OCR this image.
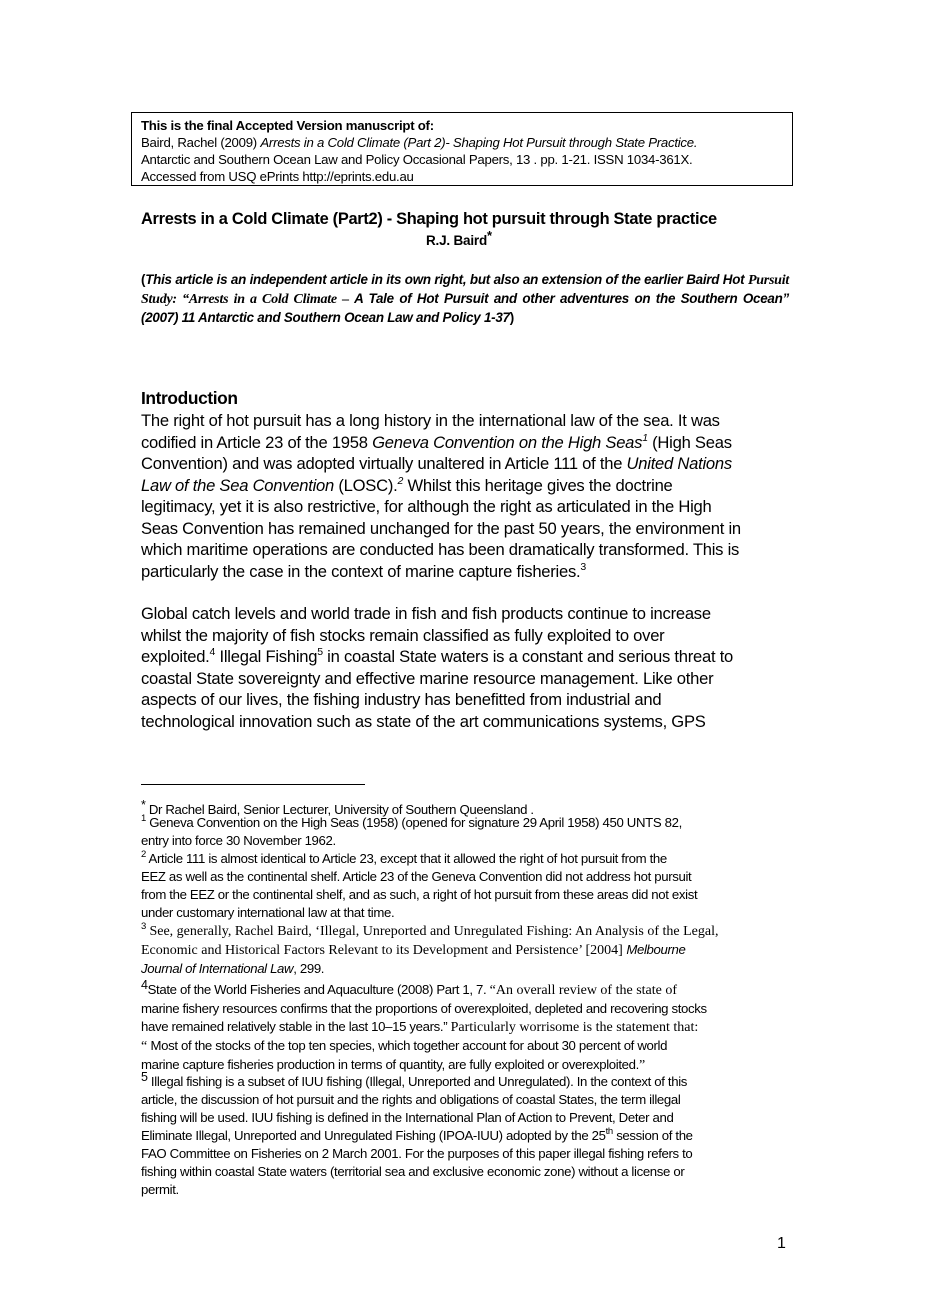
This is the final Accepted Version manuscript of:
Baird, Rachel (2009) Arrests in a Cold Climate (Part 2)- Shaping Hot Pursuit through State Practice.
Antarctic and Southern Ocean Law and Policy Occasional Papers, 13 . pp. 1-21. ISSN 1034-361X.
Accessed from USQ ePrints http://eprints.edu.au
Arrests in a Cold Climate (Part2) - Shaping hot pursuit through State practice
R.J. Baird*
(This article is an independent article in its own right, but also an extension of the earlier Baird Hot Pursuit Study: “Arrests in a Cold Climate – A Tale of Hot Pursuit and other adventures on the Southern Ocean” (2007) 11 Antarctic and Southern Ocean Law and Policy 1-37)
Introduction
The right of hot pursuit has a long history in the international law of the sea. It was
codified in Article 23 of the 1958 Geneva Convention on the High Seas$^1$ (High Seas
Convention) and was adopted virtually unaltered in Article 111 of the United Nations
Law of the Sea Convention (LOSC).$^2$ Whilst this heritage gives the doctrine
legitimacy, yet it is also restrictive, for although the right as articulated in the High
Seas Convention has remained unchanged for the past 50 years, the environment in
which maritime operations are conducted has been dramatically transformed. This is
particularly the case in the context of marine capture fisheries.$^3$
Global catch levels and world trade in fish and fish products continue to increase
whilst the majority of fish stocks remain classified as fully exploited to over
exploited.$^4$ Illegal Fishing$^5$ in coastal State waters is a constant and serious threat to
coastal State sovereignty and effective marine resource management. Like other
aspects of our lives, the fishing industry has benefitted from industrial and
technological innovation such as state of the art communications systems, GPS
* Dr Rachel Baird, Senior Lecturer, University of Southern Queensland .
$^1$ Geneva Convention on the High Seas (1958) (opened for signature 29 April 1958) 450 UNTS 82,
entry into force 30 November 1962.
$^2$ Article 111 is almost identical to Article 23, except that it allowed the right of hot pursuit from the
EEZ as well as the continental shelf. Article 23 of the Geneva Convention did not address hot pursuit
from the EEZ or the continental shelf, and as such, a right of hot pursuit from these areas did not exist
under customary international law at that time.
$^3$ See, generally, Rachel Baird, ‘Illegal, Unreported and Unregulated Fishing: An Analysis of the Legal,
Economic and Historical Factors Relevant to its Development and Persistence’ [2004] Melbourne
Journal of International Law, 299.
4State of the World Fisheries and Aquaculture (2008) Part 1, 7. “An overall review of the state of
marine fishery resources confirms that the proportions of overexploited, depleted and recovering stocks
have remained relatively stable in the last 10–15 years.” Particularly worrisome is the statement that:
“ Most of the stocks of the top ten species, which together account for about 30 percent of world
marine capture fisheries production in terms of quantity, are fully exploited or overexploited.”
5 Illegal fishing is a subset of IUU fishing (Illegal, Unreported and Unregulated). In the context of this
article, the discussion of hot pursuit and the rights and obligations of coastal States, the term illegal
fishing will be used. IUU fishing is defined in the International Plan of Action to Prevent, Deter and
Eliminate Illegal, Unreported and Unregulated Fishing (IPOA-IUU) adopted by the 25th session of the
FAO Committee on Fisheries on 2 March 2001. For the purposes of this paper illegal fishing refers to
fishing within coastal State waters (territorial sea and exclusive economic zone) without a license or
permit.
1
